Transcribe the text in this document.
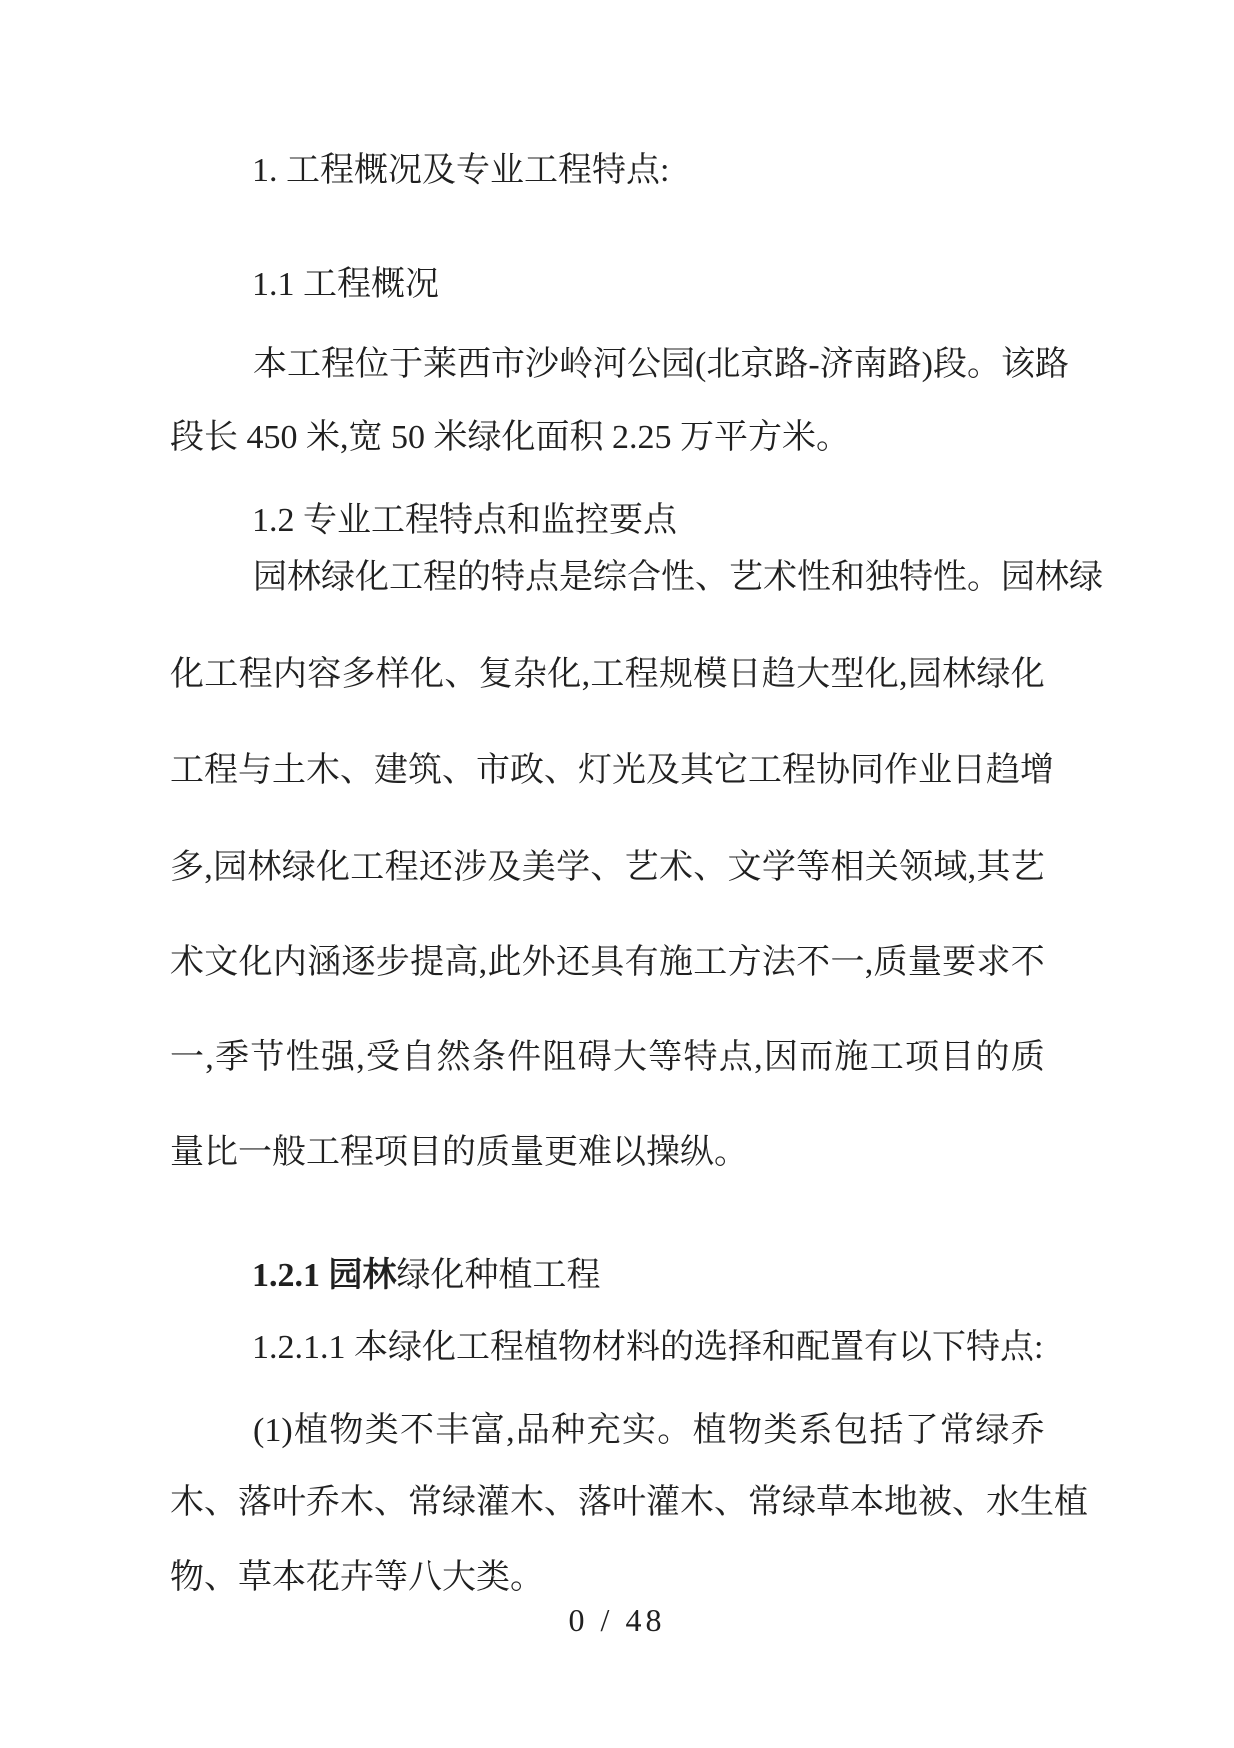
1. 工程概况及专业工程特点:
1.1 工程概况
本 工 程 位 于 莱 西 市 沙 岭 河 公 园 ( 北 京 路 - 济 南 路 ) 段 。 该 路
段长 450 米,宽 50 米绿化面积 2.25 万平方米。
1.2 专业工程特点和监控要点
园 林 绿 化 工 程 的 特 点 是 综 合 性 、 艺 术 性 和 独 特 性 。 园 林 绿
化 工 程 内 容 多 样 化 、 复 杂 化 , 工 程 规 模 日 趋 大 型 化 , 园 林 绿 化
工 程 与 土 木 、 建 筑 、 市 政 、 灯 光 及 其 它 工 程 协 同 作 业 日 趋 增
多 , 园 林 绿 化 工 程 还 涉 及 美 学 、 艺 术 、 文 学 等 相 关 领 域 , 其 艺
术 文 化 内 涵 逐 步 提 高 , 此 外 还 具 有 施 工 方 法 不 一 , 质 量 要 求 不
一 , 季 节 性 强 , 受 自 然 条 件 阻 碍 大 等 特 点 , 因 而 施 工 项 目 的 质
量比一般工程项目的质量更难以操纵。
1.2.1 园林绿化种植工程
1.2.1.1 本绿化工程植物材料的选择和配置有以下特点:
(1) 植 物 类 不 丰 富 , 品 种 充 实 。 植 物 类 系 包 括 了 常 绿 乔
木 、 落 叶 乔 木 、 常 绿 灌 木 、 落 叶 灌 木 、 常 绿 草 本 地 被 、 水 生 植
物、草本花卉等八大类。
0 / 48
